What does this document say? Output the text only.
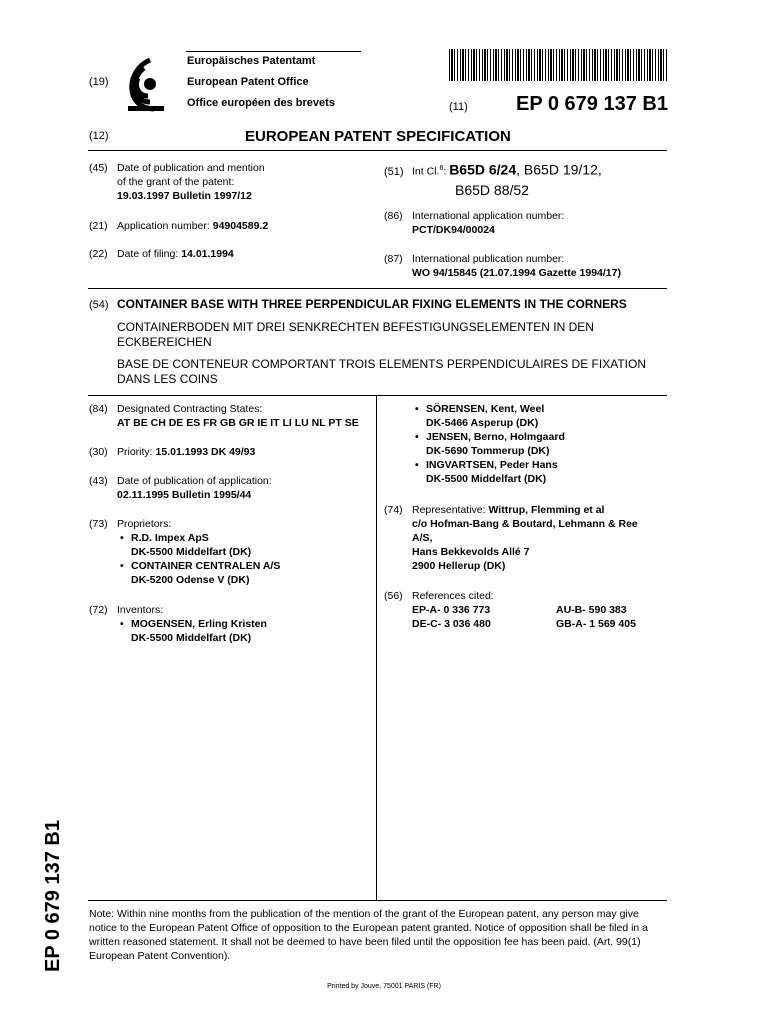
(19)
Europäisches Patentamt
European Patent Office
Office européen des brevets	(11) EP 0 679 137 B1
(12)	EUROPEAN PATENT SPECIFICATION
(45) Date of publication and mention
of the grant of the patent:
19.03.1997 Bulletin 1997/12
(21) Application number: 94904589.2
(22) Date of filing: 14.01.1994
(51) Int Cl.$^6$: B65D 6/24, B65D 19/12,
B65D 88/52
(86) International application number:
PCT/DK94/00024
(87) International publication number:
WO 94/15845 (21.07.1994 Gazette 1994/17)
(54) CONTAINER BASE WITH THREE PERPENDICULAR FIXING ELEMENTS IN THE CORNERS
CONTAINERBODEN MIT DREI SENKRECHTEN BEFESTIGUNGSELEMENTEN IN DEN
ECKBEREICHEN
BASE DE CONTENEUR COMPORTANT TROIS ELEMENTS PERPENDICULAIRES DE FIXATION
DANS LES COINS
(84) Designated Contracting States:
AT BE CH DE ES FR GB GR IE IT LI LU NL PT SE
(30) Priority: 15.01.1993 DK 49/93
(43) Date of publication of application:
02.11.1995 Bulletin 1995/44
(73) Proprietors:
• R.D. Impex ApS
DK-5500 Middelfart (DK)
• CONTAINER CENTRALEN A/S
DK-5200 Odense V (DK)
(72) Inventors:
• MOGENSEN, Erling Kristen
DK-5500 Middelfart (DK)
• SÖRENSEN, Kent, Weel
DK-5466 Asperup (DK)
• JENSEN, Berno, Holmgaard
DK-5690 Tommerup (DK)
• INGVARTSEN, Peder Hans
DK-5500 Middelfart (DK)
(74) Representative: Wittrup, Flemming et al
c/o Hofman-Bang & Boutard, Lehmann & Ree
A/S,
Hans Bekkevolds Allé 7
2900 Hellerup (DK)
(56) References cited:
EP-A- 0 336 773	AU-B- 590 383
DE-C- 3 036 480	GB-A- 1 569 405
EP 0 679 137 B1 Note: Within nine months from the publication of the mention of the grant of the European patent, any person may give notice to the European Patent Office of opposition to the European patent granted. Notice of opposition shall be filed in a written reasoned statement. It shall not be deemed to have been filed until the opposition fee has been paid. (Art. 99(1) European Patent Convention).
Printed by Jouve, 75001 PARIS (FR)
